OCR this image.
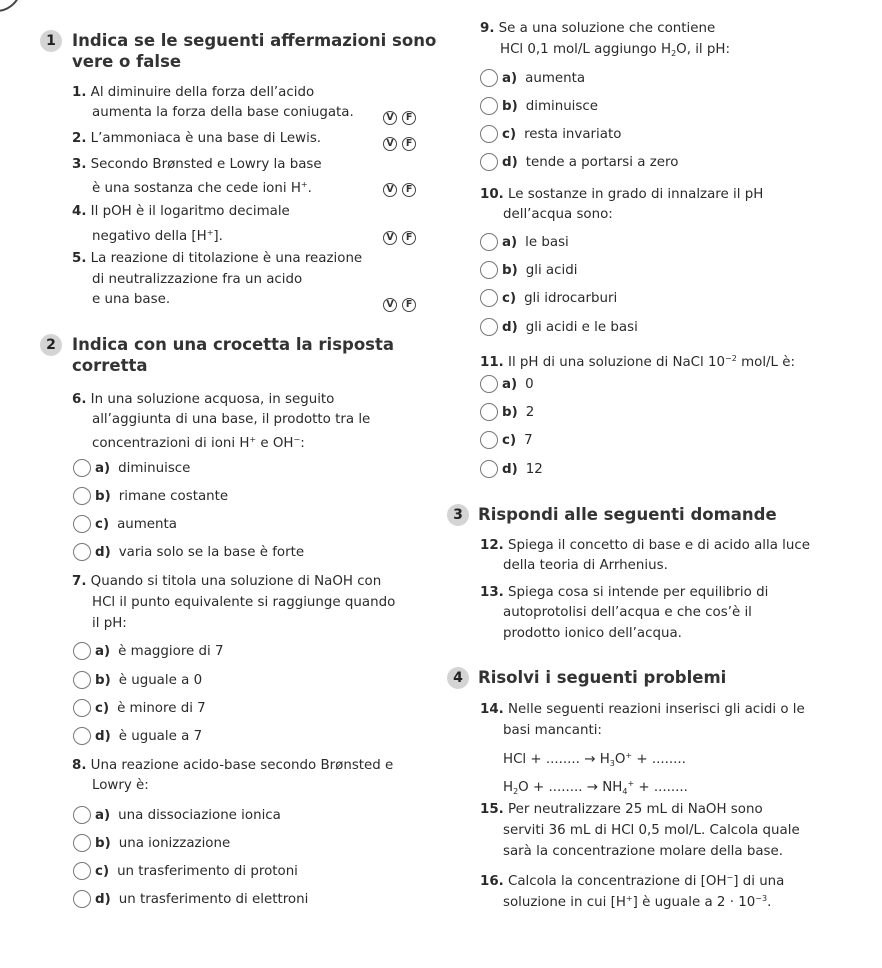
1 Indica se le seguenti affermazioni sono
vere o false
1. Al diminuire della forza dell’acido
aumenta la forza della base coniugata.	V F
2. L’ammoniaca è una base di Lewis.	V F
3. Secondo Brønsted e Lowry la base
è una sostanza che cede ioni H+.	V F
4. Il pOH è il logaritmo decimale
negativo della [H+].	V F
5. La reazione di titolazione è una reazione
di neutralizzazione fra un acido
e una base.	V F
2 Indica con una crocetta la risposta
corretta
6. In una soluzione acquosa, in seguito
all’aggiunta di una base, il prodotto tra le
concentrazioni di ioni H+ e OH−:
a) diminuisce
b) rimane costante
c) aumenta
d) varia solo se la base è forte
7. Quando si titola una soluzione di NaOH con
HCl il punto equivalente si raggiunge quando
il pH:
a) è maggiore di 7
b) è uguale a 0
c) è minore di 7
d) è uguale a 7
8. Una reazione acido-base secondo Brønsted e
Lowry è:
a) una dissociazione ionica
b) una ionizzazione
c) un trasferimento di protoni
d) un trasferimento di elettroni
9. Se a una soluzione che contiene
HCl 0,1 mol/L aggiungo $H_2O$, il pH:
a) aumenta
b) diminuisce
c) resta invariato
d) tende a portarsi a zero
10. Le sostanze in grado di innalzare il pH
dell’acqua sono:
a) le basi
b) gli acidi
c) gli idrocarburi
d) gli acidi e le basi
11. Il pH di una soluzione di NaCl $10^{-2}$ mol/L è:
a) 0
b) 2
c) 7
d) 12
3 Rispondi alle seguenti domande
12. Spiega il concetto di base e di acido alla luce
della teoria di Arrhenius.
13. Spiega cosa si intende per equilibrio di
autoprotolisi dell’acqua e che cos’è il
prodotto ionico dell’acqua.
4 Risolvi i seguenti problemi
14. Nelle seguenti reazioni inserisci gli acidi o le
basi mancanti:
HCl + ........ → $H_3O^+$ + ........
$H_2O$ + ........ → $NH_4^+$ + ........
15. Per neutralizzare 25 mL di NaOH sono
serviti 36 mL di HCl 0,5 mol/L. Calcola quale
sarà la concentrazione molare della base.
16. Calcola la concentrazione di [OH−] di una
soluzione in cui [H+] è uguale a $2 \cdot 10^{-3}$.
